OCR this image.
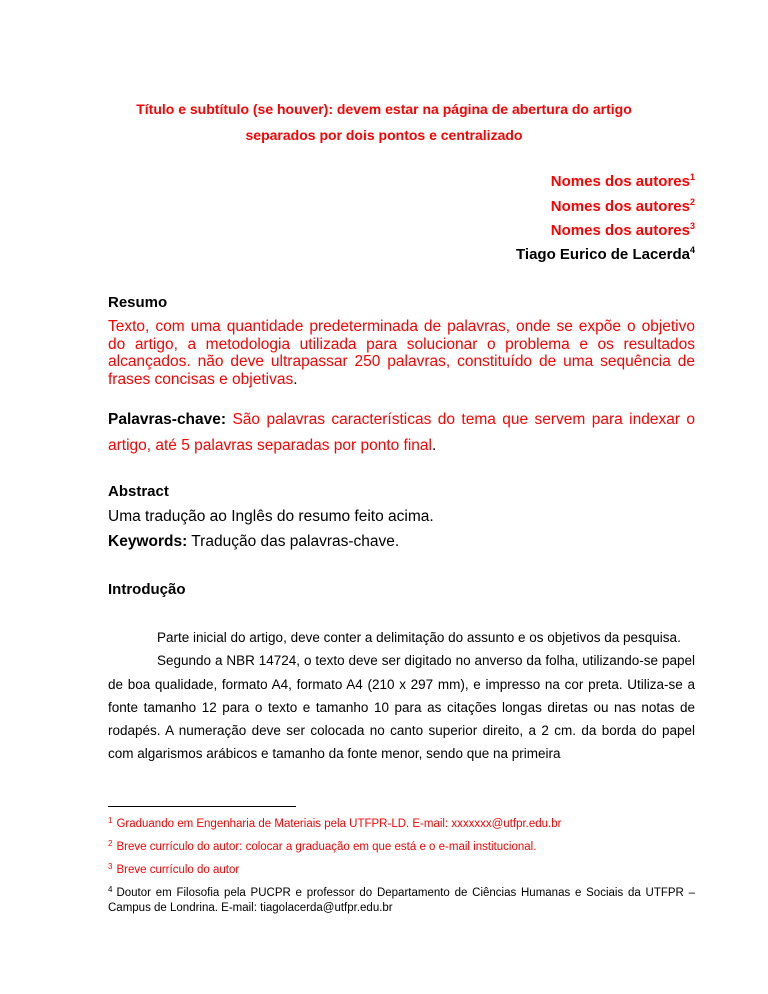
Título e subtítulo (se houver): devem estar na página de abertura do artigo
separados por dois pontos e centralizado
Nomes dos autores$^1$
Nomes dos autores$^2$
Nomes dos autores$^3$
Tiago Eurico de Lacerda$^4$
Resumo
Texto, com uma quantidade predeterminada de palavras, onde se expõe o objetivo do artigo, a metodologia utilizada para solucionar o problema e os resultados alcançados. não deve ultrapassar 250 palavras, constituído de uma sequência de frases concisas e objetivas.
Palavras-chave: São palavras características do tema que servem para indexar o artigo, até 5 palavras separadas por ponto final.
Abstract
Uma tradução ao Inglês do resumo feito acima.
Keywords: Tradução das palavras-chave.
Introdução

Parte inicial do artigo, deve conter a delimitação do assunto e os objetivos da pesquisa.

Segundo a NBR 14724, o texto deve ser digitado no anverso da folha, utilizando-se papel de boa qualidade, formato A4, formato A4 (210 x 297 mm), e impresso na cor preta. Utiliza-se a fonte tamanho 12 para o texto e tamanho 10 para as citações longas diretas ou nas notas de rodapés. A numeração deve ser colocada no canto superior direito, a 2 cm. da borda do papel com algarismos arábicos e tamanho da fonte menor, sendo que na primeira

$^1$ Graduando em Engenharia de Materiais pela UTFPR-LD. E-mail: xxxxxxx@utfpr.edu.br
$^2$ Breve currículo do autor: colocar a graduação em que está e o e-mail institucional.
$^3$ Breve currículo do autor
$^4$ Doutor em Filosofia pela PUCPR e professor do Departamento de Ciências Humanas e Sociais da UTFPR – Campus de Londrina. E-mail: tiagolacerda@utfpr.edu.br
